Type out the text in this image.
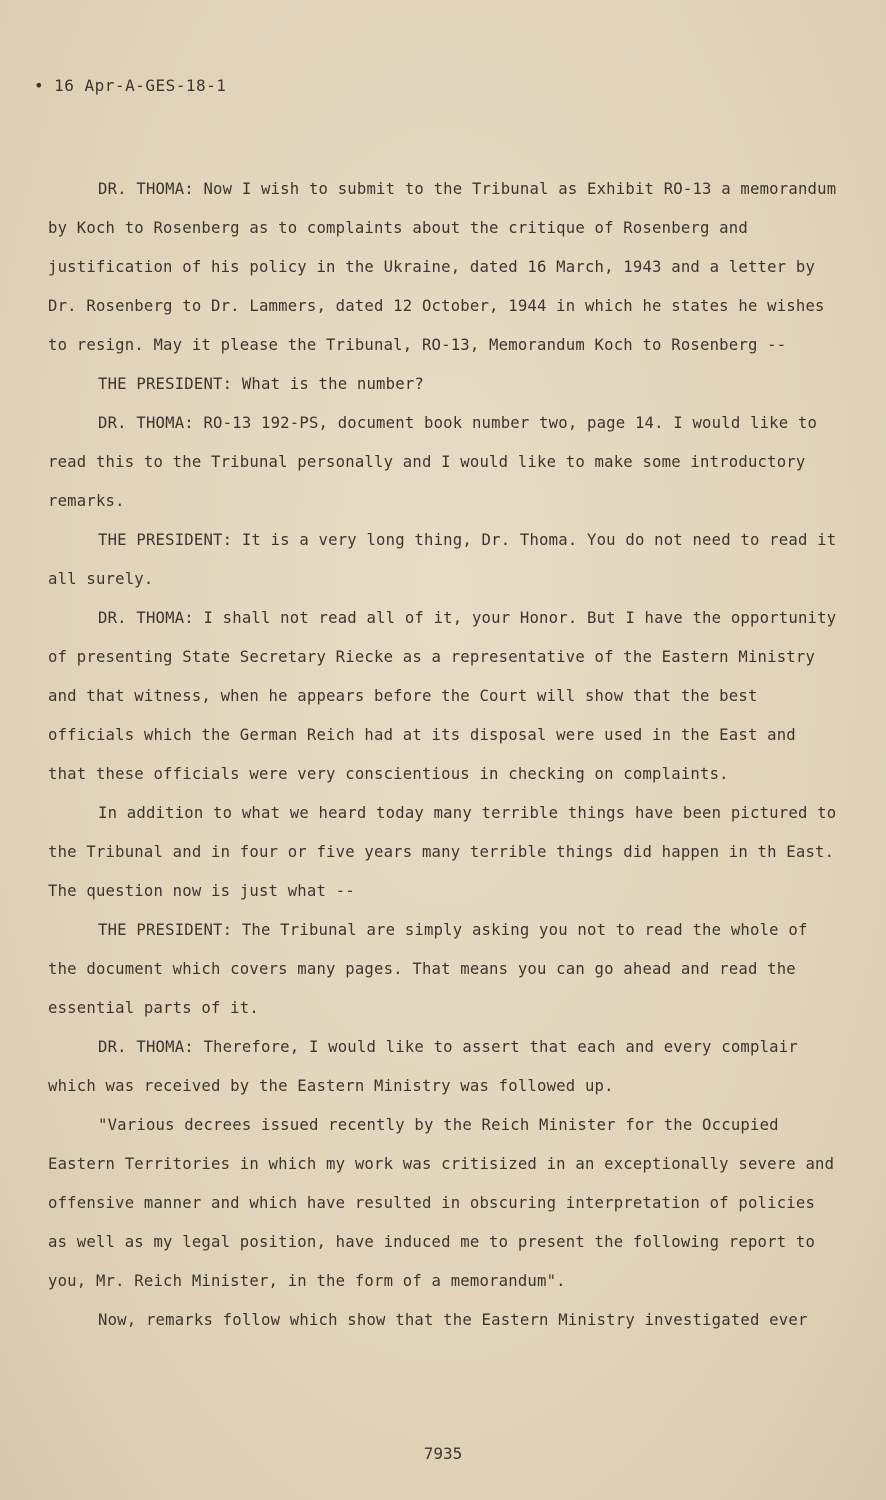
• 16 Apr-A-GES-18-1

DR. THOMA: Now I wish to submit to the Tribunal as Exhibit RO-13 a memorandum by Koch to Rosenberg as to complaints about the critique of Rosenberg and justification of his policy in the Ukraine, dated 16 March, 1943 and a letter by Dr. Rosenberg to Dr. Lammers, dated 12 October, 1944 in which he states he wishes to resign. May it please the Tribunal, RO-13, Memorandum Koch to Rosenberg --

THE PRESIDENT: What is the number?

DR. THOMA: RO-13 192-PS, document book number two, page 14. I would like to read this to the Tribunal personally and I would like to make some introductory remarks.

THE PRESIDENT: It is a very long thing, Dr. Thoma. You do not need to read it all surely.

DR. THOMA: I shall not read all of it, your Honor. But I have the opportunity of presenting State Secretary Riecke as a representative of the Eastern Ministry and that witness, when he appears before the Court will show that the best officials which the German Reich had at its disposal were used in the East and that these officials were very conscientious in checking on complaints.

In addition to what we heard today many terrible things have been pictured to the Tribunal and in four or five years many terrible things did happen in th East. The question now is just what --

THE PRESIDENT: The Tribunal are simply asking you not to read the whole of the document which covers many pages. That means you can go ahead and read the essential parts of it.

DR. THOMA: Therefore, I would like to assert that each and every complair which was received by the Eastern Ministry was followed up.

"Various decrees issued recently by the Reich Minister for the Occupied Eastern Territories in which my work was critisized in an exceptionally severe and offensive manner and which have resulted in obscuring interpretation of policies as well as my legal position, have induced me to present the following report to you, Mr. Reich Minister, in the form of a memorandum".

Now, remarks follow which show that the Eastern Ministry investigated ever

7935
